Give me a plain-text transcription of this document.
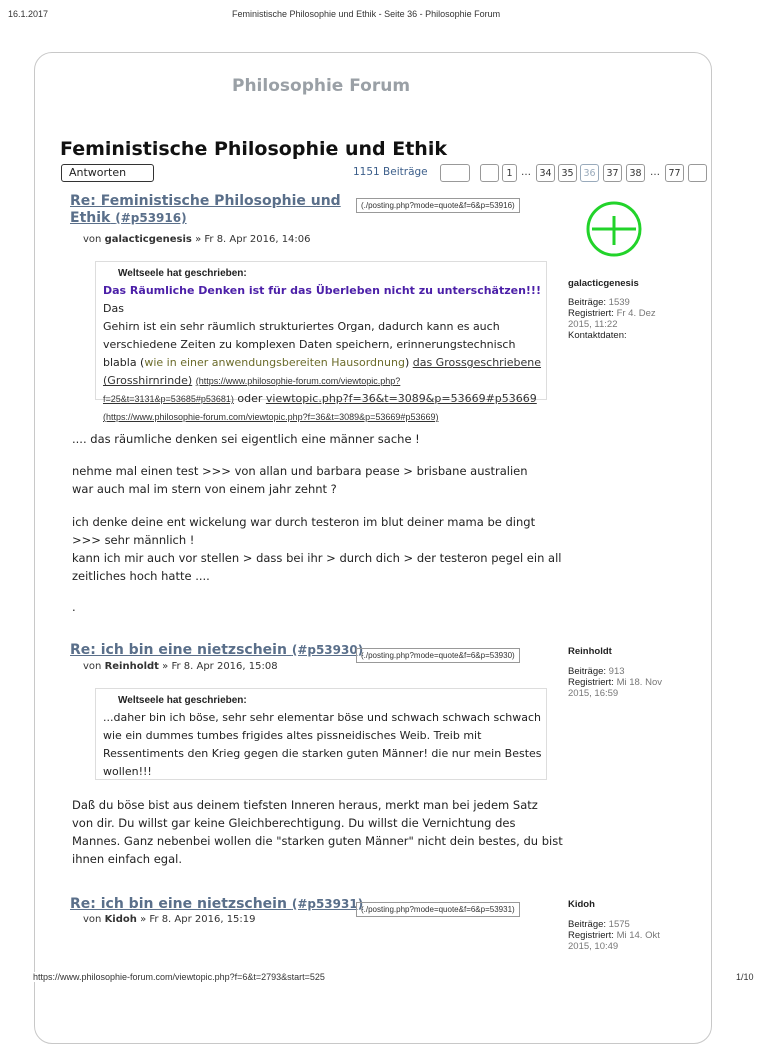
16.1.2017	Feministische Philosophie und Ethik - Seite 36 - Philosophie Forum
Philosophie Forum
Feministische Philosophie und Ethik
Antworten	1151 Beiträge	1 … 34	35	36	37	38 … 77
Re: Feministische Philosophie und
Ethik (#p53916)
(./posting.php?mode=quote&f=6&p=53916)
von galacticgenesis » Fr 8. Apr 2016, 14:06
galacticgenesis
Beiträge: 1539
Registriert: Fr 4. Dez
2015, 11:22
Kontaktdaten:
Weltseele hat geschrieben:
Das Räumliche Denken ist für das Überleben nicht zu unterschätzen!!! Das
Gehirn ist ein sehr räumlich strukturiertes Organ, dadurch kann es auch
verschiedene Zeiten zu komplexen Daten speichern, erinnerungstechnisch
blabla (wie in einer anwendungsbereiten Hausordnung) das Grossgeschriebene
(Grosshirnrinde) (https://www.philosophie-forum.com/viewtopic.php?
f=25&t=3131&p=53685#p53681) oder viewtopic.php?f=36&t=3089&p=53669#p53669
(https://www.philosophie-forum.com/viewtopic.php?f=36&t=3089&p=53669#p53669)
.... das räumliche denken sei eigentlich eine männer sache !
nehme mal einen test >>> von allan und barbara pease > brisbane australien
war auch mal im stern von einem jahr zehnt ?
ich denke deine ent wickelung war durch testeron im blut deiner mama be dingt
>>> sehr männlich !
kann ich mir auch vor stellen > dass bei ihr > durch dich > der testeron pegel ein all
zeitliches hoch hatte ....
.
Re: ich bin eine nietzschein (#p53930)
(./posting.php?mode=quote&f=6&p=53930)
von Reinholdt » Fr 8. Apr 2016, 15:08
Reinholdt
Beiträge: 913
Registriert: Mi 18. Nov
2015, 16:59
Weltseele hat geschrieben:
...daher bin ich böse, sehr sehr elementar böse und schwach schwach schwach
wie ein dummes tumbes frigides altes pissneidisches Weib. Treib mit
Ressentiments den Krieg gegen die starken guten Männer! die nur mein Bestes
wollen!!!
Daß du böse bist aus deinem tiefsten Inneren heraus, merkt man bei jedem Satz
von dir. Du willst gar keine Gleichberechtigung. Du willst die Vernichtung des
Mannes. Ganz nebenbei wollen die "starken guten Männer" nicht dein bestes, du bist
ihnen einfach egal.
Re: ich bin eine nietzschein (#p53931)
(./posting.php?mode=quote&f=6&p=53931)
von Kidoh » Fr 8. Apr 2016, 15:19
Kidoh
Beiträge: 1575
Registriert: Mi 14. Okt
2015, 10:49
https://www.philosophie-forum.com/viewtopic.php?f=6&t=2793&start=525	1/10
